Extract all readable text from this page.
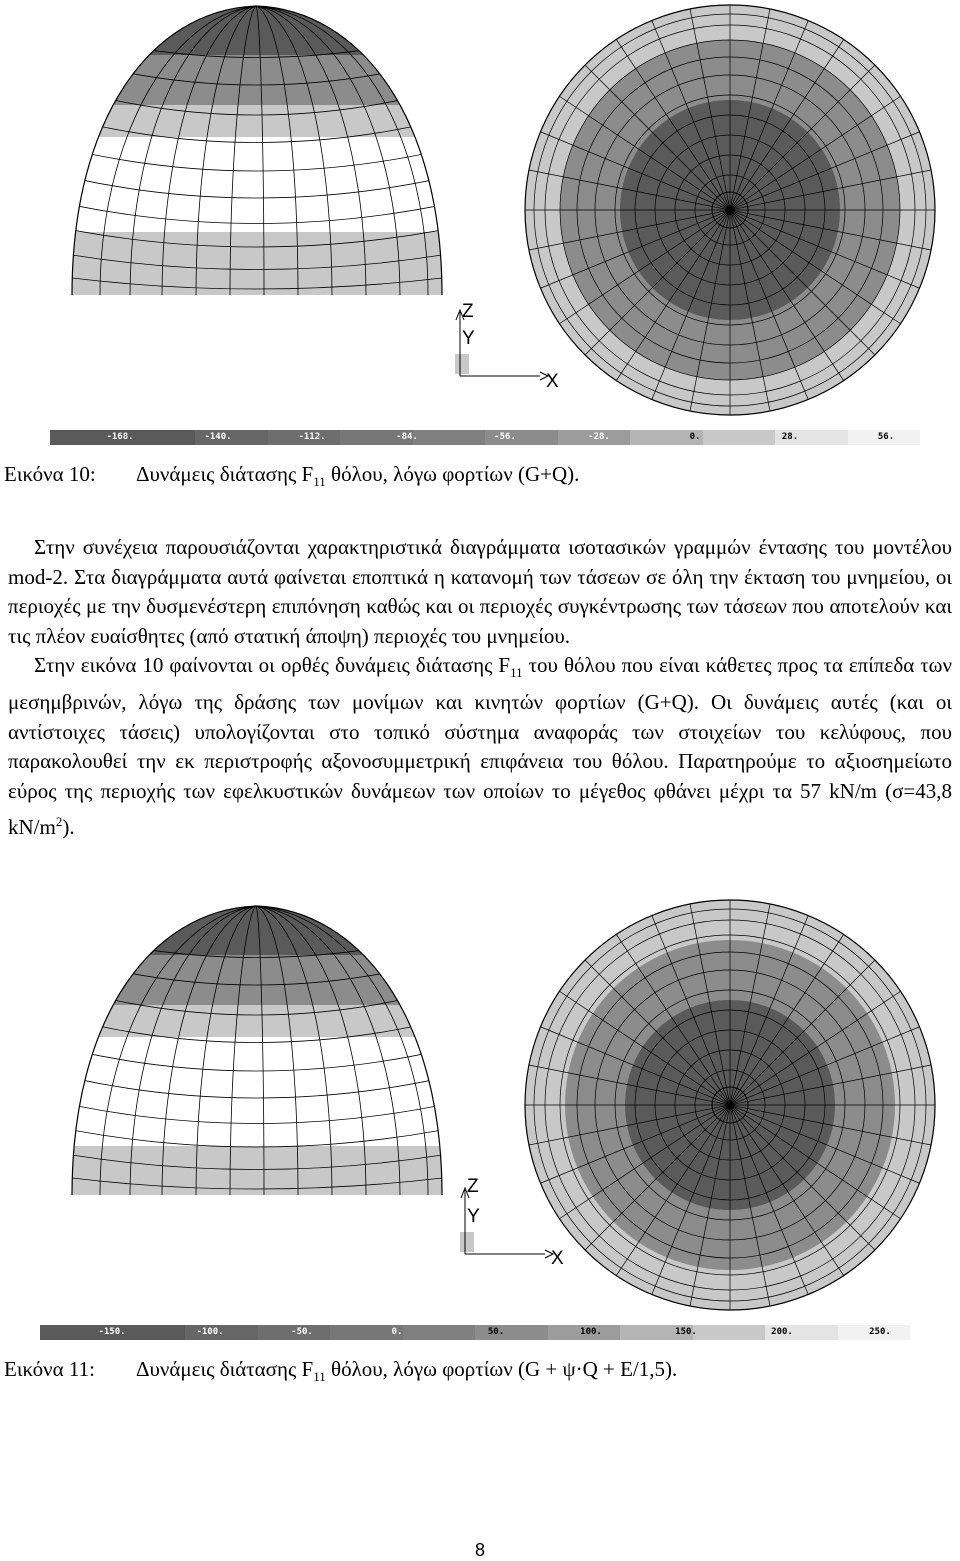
Z
Y
X
-168.	-140.	-112.	-84.	-56.	-28.	0.	28.	56.
Εικόνα 10: Δυνάμεις διάτασης $F_{11}$ θόλου, λόγω φορτίων (G+Q).

Στην συνέχεια παρουσιάζονται χαρακτηριστικά διαγράμματα ισοτασικών γραμμών έντασης του μοντέλου mod-2. Στα διαγράμματα αυτά φαίνεται εποπτικά η κατανομή των τάσεων σε όλη την έκταση του μνημείου, οι περιοχές με την δυσμενέστερη επιπόνηση καθώς και οι περιοχές συγκέντρωσης των τάσεων που αποτελούν και τις πλέον ευαίσθητες (από στατική άποψη) περιοχές του μνημείου.

Στην εικόνα 10 φαίνονται οι ορθές δυνάμεις διάτασης $F_{11}$ του θόλου που είναι κάθετες προς τα επίπεδα των μεσημβρινών, λόγω της δράσης των μονίμων και κινητών φορτίων (G+Q). Οι δυνάμεις αυτές (και οι αντίστοιχες τάσεις) υπολογίζονται στο τοπικό σύστημα αναφοράς των στοιχείων του κελύφους, που παρακολουθεί την εκ περιστροφής αξονοσυμμετρική επιφάνεια του θόλου. Παρατηρούμε το αξιοσημείωτο εύρος της περιοχής των εφελκυστικών δυνάμεων των οποίων το μέγεθος φθάνει μέχρι τα 57 kN/m (σ=43,8 $kN/m^2$).

Z
Y
X
-150.	-100.	-50.	0.	50.	100.	150.	200.	250.
Εικόνα 11: Δυνάμεις διάτασης $F_{11}$ θόλου, λόγω φορτίων (G + ψ·Q + E/1,5).
8
